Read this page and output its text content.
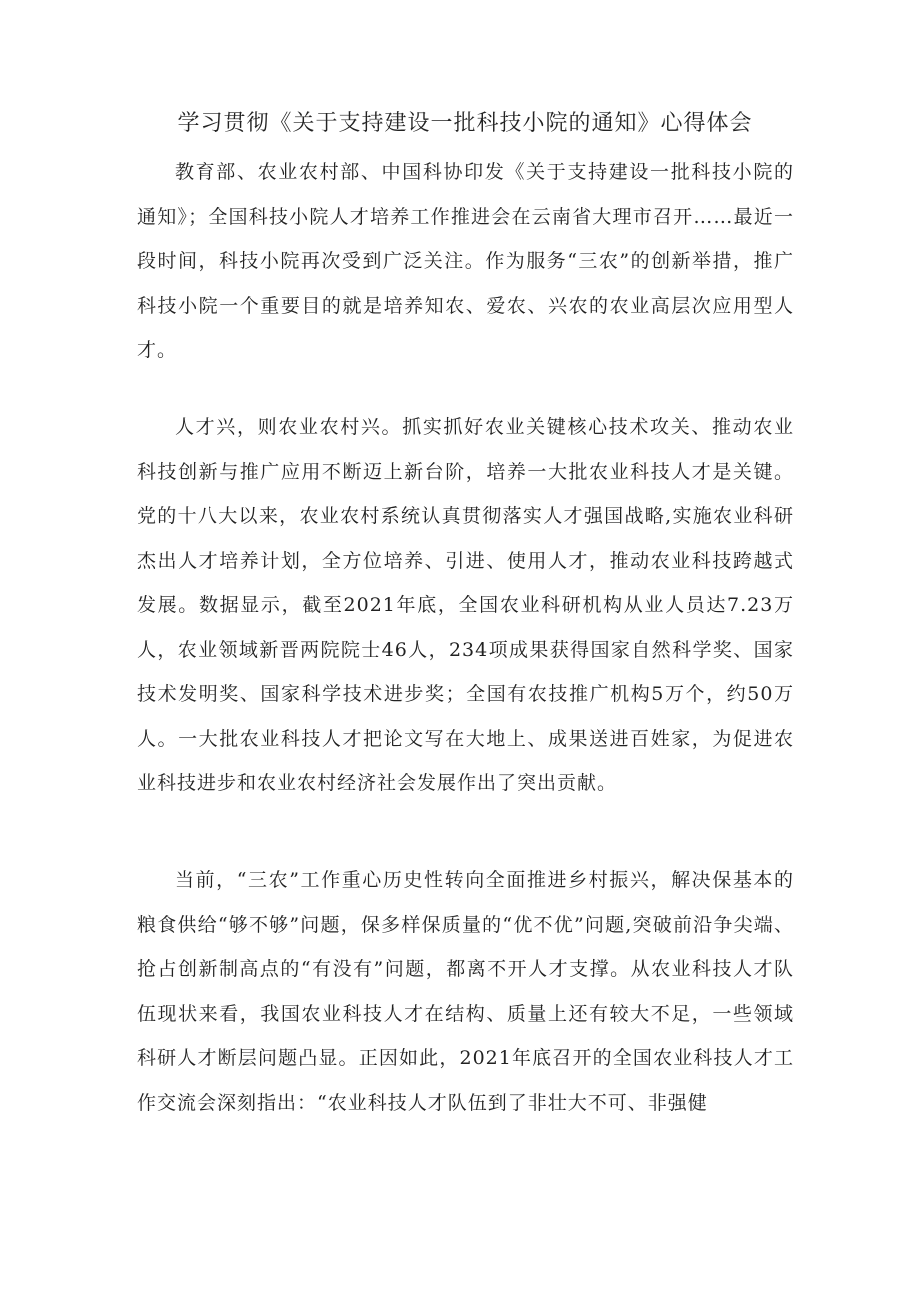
学习贯彻《关于支持建设一批科技小院的通知》心得体会

教育部、农业农村部、中国科协印发《关于支持建设一批科技小院的通知》；全国科技小院人才培养工作推进会在云南省大理市召开……最近一段时间，科技小院再次受到广泛关注。作为服务“三农”的创新举措，推广科技小院一个重要目的就是培养知农、爱农、兴农的农业高层次应用型人才。

人才兴，则农业农村兴。抓实抓好农业关键核心技术攻关、推动农业科技创新与推广应用不断迈上新台阶，培养一大批农业科技人才是关键。党的十八大以来，农业农村系统认真贯彻落实人才强国战略,实施农业科研杰出人才培养计划，全方位培养、引进、使用人才，推动农业科技跨越式发展。数据显示，截至2021年底，全国农业科研机构从业人员达7.23万人，农业领域新晋两院院士46人，234项成果获得国家自然科学奖、国家技术发明奖、国家科学技术进步奖；全国有农技推广机构5万个，约50万人。一大批农业科技人才把论文写在大地上、成果送进百姓家，为促进农业科技进步和农业农村经济社会发展作出了突出贡献。

当前，“三农”工作重心历史性转向全面推进乡村振兴，解决保基本的粮食供给“够不够”问题，保多样保质量的“优不优”问题,突破前沿争尖端、抢占创新制高点的“有没有”问题，都离不开人才支撑。从农业科技人才队伍现状来看，我国农业科技人才在结构、质量上还有较大不足，一些领域科研人才断层问题凸显。正因如此，2021年底召开的全国农业科技人才工作交流会深刻指出：“农业科技人才队伍到了非壮大不可、非强健
